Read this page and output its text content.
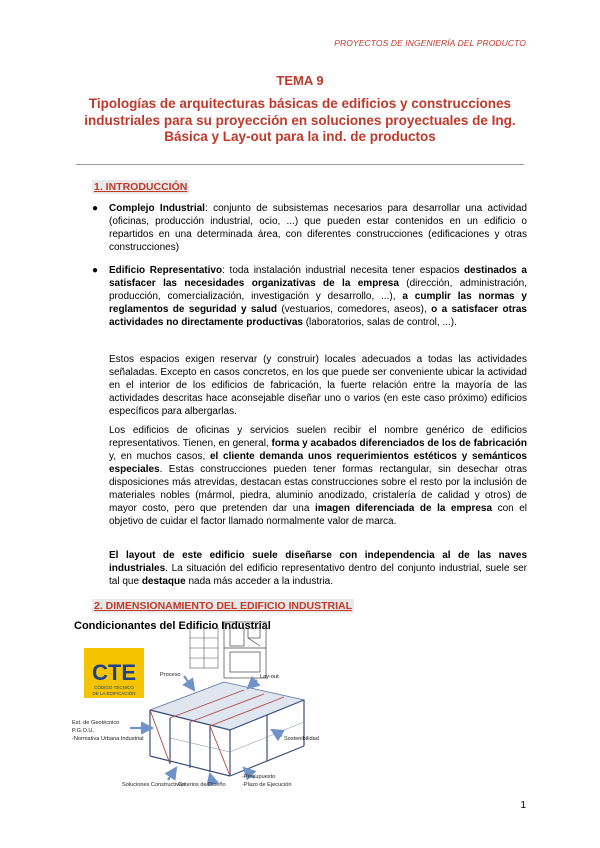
PROYECTOS DE INGENIERÍA DEL PRODUCTO
TEMA 9
Tipologías de arquitecturas básicas de edificios y construcciones industriales para su proyección en soluciones proyectuales de Ing. Básica y Lay-out para la ind. de productos
1. INTRODUCCIÓN
● Complejo Industrial: conjunto de subsistemas necesarios para desarrollar una actividad (oficinas, producción industrial, ocio, ...) que pueden estar contenidos en un edificio o repartidos en una determinada área, con diferentes construcciones (edificaciones y otras construcciones)
● Edificio Representativo: toda instalación industrial necesita tener espacios destinados a satisfacer las necesidades organizativas de la empresa (dirección, administración, producción, comercialización, investigación y desarrollo, ...), a cumplir las normas y reglamentos de seguridad y salud (vestuarios, comedores, aseos), o a satisfacer otras actividades no directamente productivas (laboratorios, salas de control, ...).
Estos espacios exigen reservar (y construir) locales adecuados a todas las actividades señaladas. Excepto en casos concretos, en los que puede ser conveniente ubicar la actividad en el interior de los edificios de fabricación, la fuerte relación entre la mayoría de las actividades descritas hace aconsejable diseñar uno o varios (en este caso próximo) edificios específicos para albergarlas.
Los edificios de oficinas y servicios suelen recibir el nombre genérico de edificios representativos. Tienen, en general, forma y acabados diferenciados de los de fabricación y, en muchos casos, el cliente demanda unos requerimientos estéticos y semánticos especiales. Estas construcciones pueden tener formas rectangular, sin desechar otras disposiciones más atrevidas, destacan estas construcciones sobre el resto por la inclusión de materiales nobles (mármol, piedra, aluminio anodizado, cristalería de calidad y otros) de mayor costo, pero que pretenden dar una imagen diferenciada de la empresa con el objetivo de cuidar el factor llamado normalmente valor de marca.
El layout de este edificio suele diseñarse con independencia al de las naves industriales. La situación del edificio representativo dentro del conjunto industrial, suele ser tal que destaque nada más acceder a la industria.
2. DIMENSIONAMIENTO DEL EDIFICIO INDUSTRIAL
Condicionantes del Edificio Industrial
CTE
CÓDIGO TÉCNICO
DE LA EDIFICACIÓN
Proceso	Lay-out
Est. de Geotécnico
P.G.O.U.
-Normativa Urbana Industrial	Sostenibilidad
Soluciones Constructivas
Criterios de Diseño
-Presupuesto
-Plazo de Ejecución
1
